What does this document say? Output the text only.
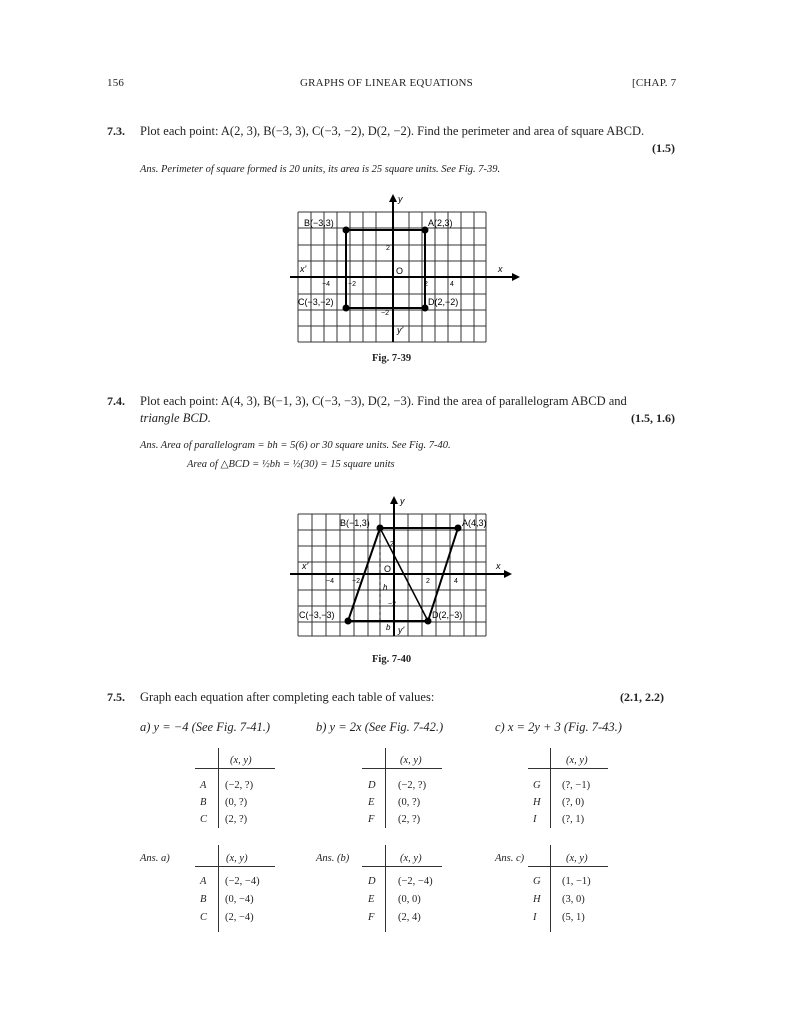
156	GRAPHS OF LINEAR EQUATIONS	[CHAP. 7
7.3. Plot each point: A(2, 3), B(−3, 3), C(−3, −2), D(2, −2). Find the perimeter and area of square ABCD.
(1.5)
Ans. Perimeter of square formed is 20 units, its area is 25 square units. See Fig. 7-39.
A(2,3)
B(−3,3)
C(−3,−2)	D(2,−2)
x
x'
y
y'
O
−4	−2	2	4
2
−2
Fig. 7-39
7.4. Plot each point: A(4, 3), B(−1, 3), C(−3, −3), D(2, −3). Find the area of parallelogram ABCD and
triangle BCD.	(1.5, 1.6)
Ans. Area of parallelogram = bh = 5(6) or 30 square units. See Fig. 7-40.
Area of △BCD = ½bh = ½(30) = 15 square units
A(4,3)
B(−1,3)
C(−3,−3)	D(2,−3)
x
x'
y
y'
O
h
b
−4	−2	2	4
2
−2
Fig. 7-40
7.5. Graph each equation after completing each table of values:	(2.1, 2.2)
a) y = −4 (See Fig. 7-41.)	b) y = 2x (See Fig. 7-42.)	c) x = 2y + 3 (Fig. 7-43.)
(x, y)
A (−2, ?)
B (0, ?)
C (2, ?)
(x, y)
D (−2, ?)
E (0, ?)
F (2, ?)
(x, y)
G (?, −1)
H (?, 0)
I (?, 1)
Ans. a)	Ans. (b)	Ans. c)
(x, y)
A (−2, −4)
B (0, −4)
C (2, −4)
(x, y)
D (−2, −4)
E (0, 0)
F (2, 4)
(x, y)
G (1, −1)
H (3, 0)
I (5, 1)
